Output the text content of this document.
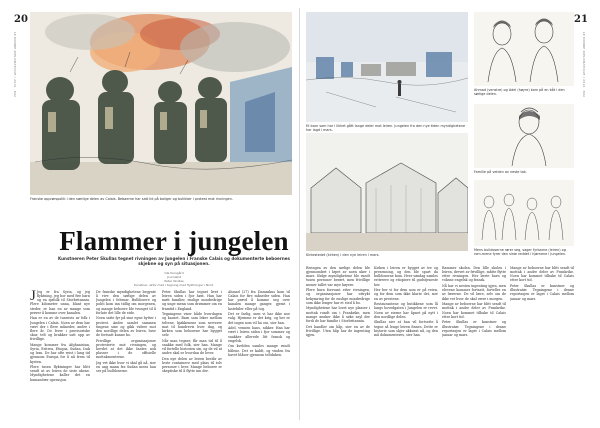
20
LE MONDE DIPLOMATIQUE / 2016 · MAI
Franske opprørspoliti i den særlige delen av Calais. Bebaerne har satt ild på boliger og butikker i protest mot rivningen.
Flammer i jungelen
Kunstneren Peter Skullas tegnet rivningen av Jungelen i Franske Calais og dokumenterte beboernes skjebne og syn på situasjonen.
Ole Korsgård
Journalist
Peter Skullas
Kunstner, aktiv med i tegning med flyktninger i Nord.

J Jeg er fra Syria, og jeg flyktning, jeg bor med fire barn og en sjøfolk til Storbritannia. Flere kilometer unna, blant nye steder, er han en av mange som prøver å komme over kanalen.

Han er en av de tusenvis av folk i Jungelen i Calais. Noen av dem har vært der i flere måneder, andre i flere år. De lever i provisoriske skur, telt og brakker satt opp av frivillige.

Mange kommer fra Afghanistan, Syria, Eritrea, Etiopia, Sudan, Irak og Iran. De har ofte reist i lang tid gjennom Europa for å nå frem til kysten.

Flere tusen flyktninger har blitt sendt ut av leiren de siste ukene. Myndighetene kaller det en humanitær operasjon.

De franske myndighetene begynte å rive den sørlige delen av Jungelen i februar. Bulldosere og politi kom inn tidlig om morgenen, og mange beboere ble tvunget til å forlate det lille de eide.

Noen satte fyr på sine egne hytter i protest. Andre samlet sammen tingene sine og gikk videre mot den nordlige delen av leiren, hvor de fortsatt kunne bo.

Frivillige organisasjoner protesterte mot rivningen, og hevdet at det ikke fantes nok plasser i de offisielle mottakssentrene.

Jeg vet ikke hvor vi skal gå nå, sier en ung mann fra Sudan mens han ser på bulldoserne.

Peter Skullas har tegnet livet i leiren siden i fjor høst. Han har møtt familier, enslige mindreårige og unge menn som drømmer om en framtid i England.

Tegningene viser både hverdagen og kaoset. Barn som leker mellom teltene, kjøkkenene som serverer mat til hundrevis hver dag, og kirken som beboerne har bygget selv.

Når man tegner, får man tid til å snakke med folk, sier han. Mange vil fortelle historien sin, og de vil at andre skal se hvordan de lever.

Den nye delen av leiren består av hvite containere med plass til tolv personer i hver. Mange beboere er skeptiske til å flytte inn der.

Ahmad (27) fra Damaskus kom til Calais for fire måneder siden. Han har prøvd å komme seg over kanalen mange ganger, gjemt i lastebiler eller på tog.

Det er farlig, men vi har ikke noe valg. Hjemme er det krig, og her er det ingen som vil ha oss, sier han.

Adel, vennen hans, nikker. Han har vært i leiren siden i fjor sommer og snakker allerede litt fransk og engelsk.

Om kvelden samles mange rundt bålene. Det er kaldt, og vinden fra havet blåser gjennom teltduken.

21
LE MONDE DIPLOMATIQUE / 2016 · MAI
Et barn som har i likhet gått lange deler mot leiren. Jungelen fra den nye tiden myndighetene har lagd i mars.
Kirkestedet (kirken) i den nye leiren i mars.
Ahmad (venstre) og Adel (høyre) kom på en båt i den sørlige delen.
Familie på veiden av neste tak.
Mens bulldoserne rører seg, sager fyrbarne (leiren) og rom-mene fyrer den siste reddet i hjørnene i Jungelen.

Rivingen av den sørlige delen ble gjennomført i løpet av noen uker i mars. Ifølge myndighetene ble rundt tusen personer berørt, men frivillige mener tallet var mye høyere.

Flere barn forsvant etter rivningen, og organisasjoner har uttrykt bekymring for de enslige mindreårige som ikke lenger har et sted å bo.

Myndighetene har lovet nye plasser i mottak rundt om i Frankrike, men mange ønsker ikke å søke asyl der fordi de har familie i Storbritannia.

Det handler om håp, sier en av de frivillige. Uten håp har de ingenting igjen.

Kirken i leiren er bygget av tre og presenning, og den ble spart da bulldoserne kom. Hver søndag samles eritreere og etiopiere til gudstjeneste her.

Her ber vi for dem som er på veien, og for dem som ikke klarte det, sier en av prestene.

Restaurantene og butikkene som lå langs hovedgaten i Jungelen er revet. Noen av eierne har åpnet på nytt i den nordlige delen.

Skullas sier at han vil fortsette å tegne så lenge leiren finnes. Dette er historie som skjer akkurat nå, og den må dokumenteres, sier han.

Rammer skolen. Den lille skolen i leiren, drevet av frivillige, måtte flytte etter rivningen. Her lærte barn og voksne engelsk og fransk.

Nå har vi nesten ingenting igjen, men elevene kommer fortsatt, forteller en av lærerne. De vil lære, selv om de ikke vet hvor de skal være i morgen.

Mange av beboerne har blitt sendt til mottak i andre deler av Frankrike. Noen har kommet tilbake til Calais etter kort tid.

Peter Skullas er kunstner og illustratør. Tegningene i denne reportasjen er laget i Calais mellom januar og mars.

Mange av beboerne har blitt sendt til mottak i andre deler av Frankrike. Noen har kommet tilbake til Calais etter kort tid.

Peter Skullas er kunstner og illustratør. Tegningene i denne reportasjen er laget i Calais mellom januar og mars.
